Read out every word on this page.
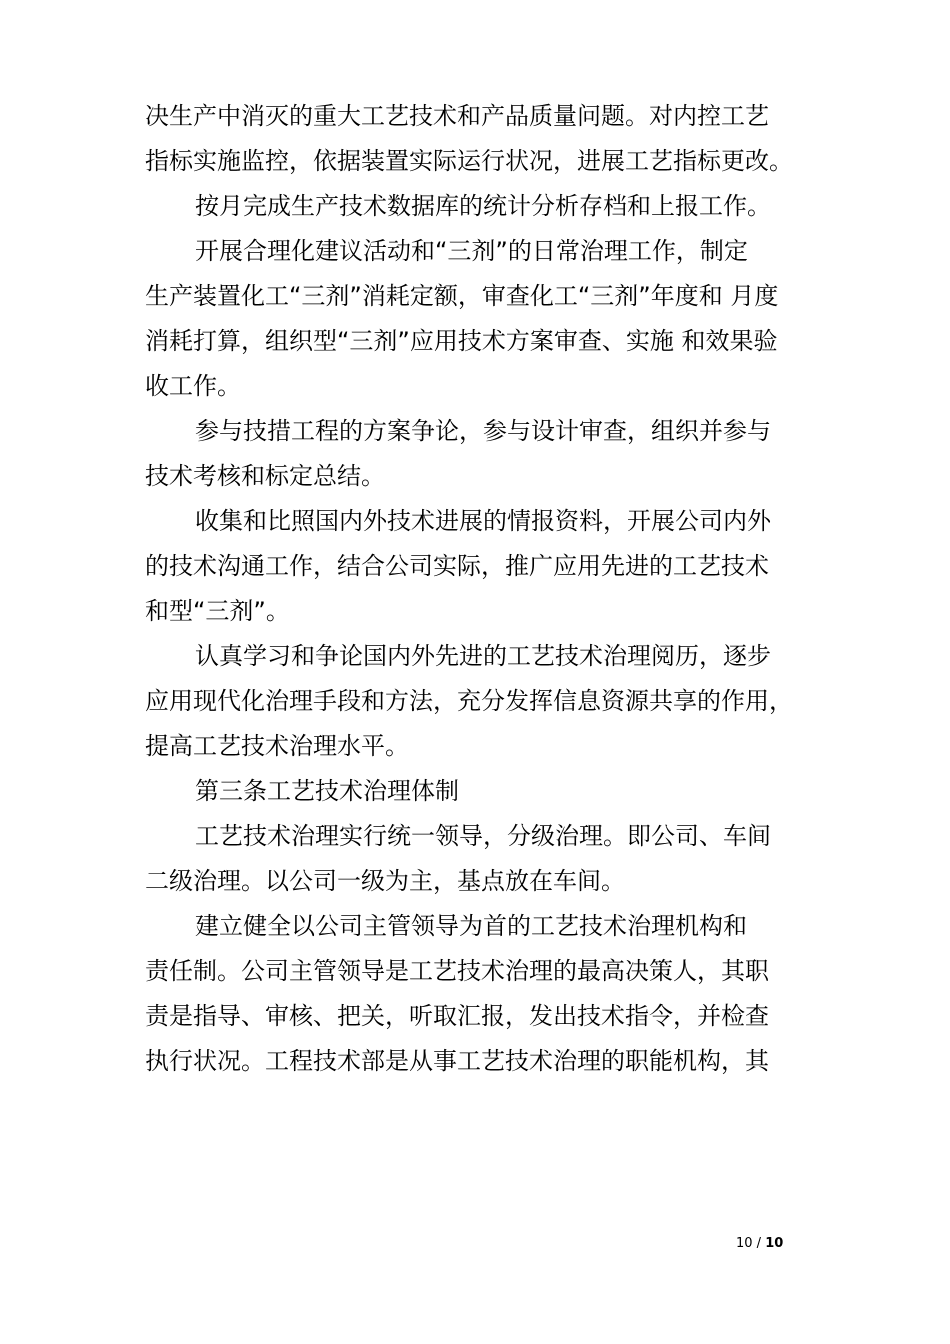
决生产中消灭的重大工艺技术和产品质量问题。对内控工艺
指标实施监控，依据装置实际运行状况，进展工艺指标更改。
按月完成生产技术数据库的统计分析存档和上报工作。
开展合理化建议活动和“三剂”的日常治理工作，制定
生产装置化工“三剂”消耗定额，审查化工“三剂”年度和 月度
消耗打算，组织型“三剂”应用技术方案审查、实施 和效果验
收工作。
参与技措工程的方案争论，参与设计审查，组织并参与
技术考核和标定总结。
收集和比照国内外技术进展的情报资料，开展公司内外
的技术沟通工作，结合公司实际，推广应用先进的工艺技术
和型“三剂”。
认真学习和争论国内外先进的工艺技术治理阅历，逐步
应用现代化治理手段和方法，充分发挥信息资源共享的作用，
提高工艺技术治理水平。
第三条工艺技术治理体制
工艺技术治理实行统一领导，分级治理。即公司、车间
二级治理。以公司一级为主，基点放在车间。
建立健全以公司主管领导为首的工艺技术治理机构和
责任制。公司主管领导是工艺技术治理的最高决策人，其职
责是指导、审核、把关，听取汇报，发出技术指令，并检查
执行状况。工程技术部是从事工艺技术治理的职能机构，其
10 / 10
